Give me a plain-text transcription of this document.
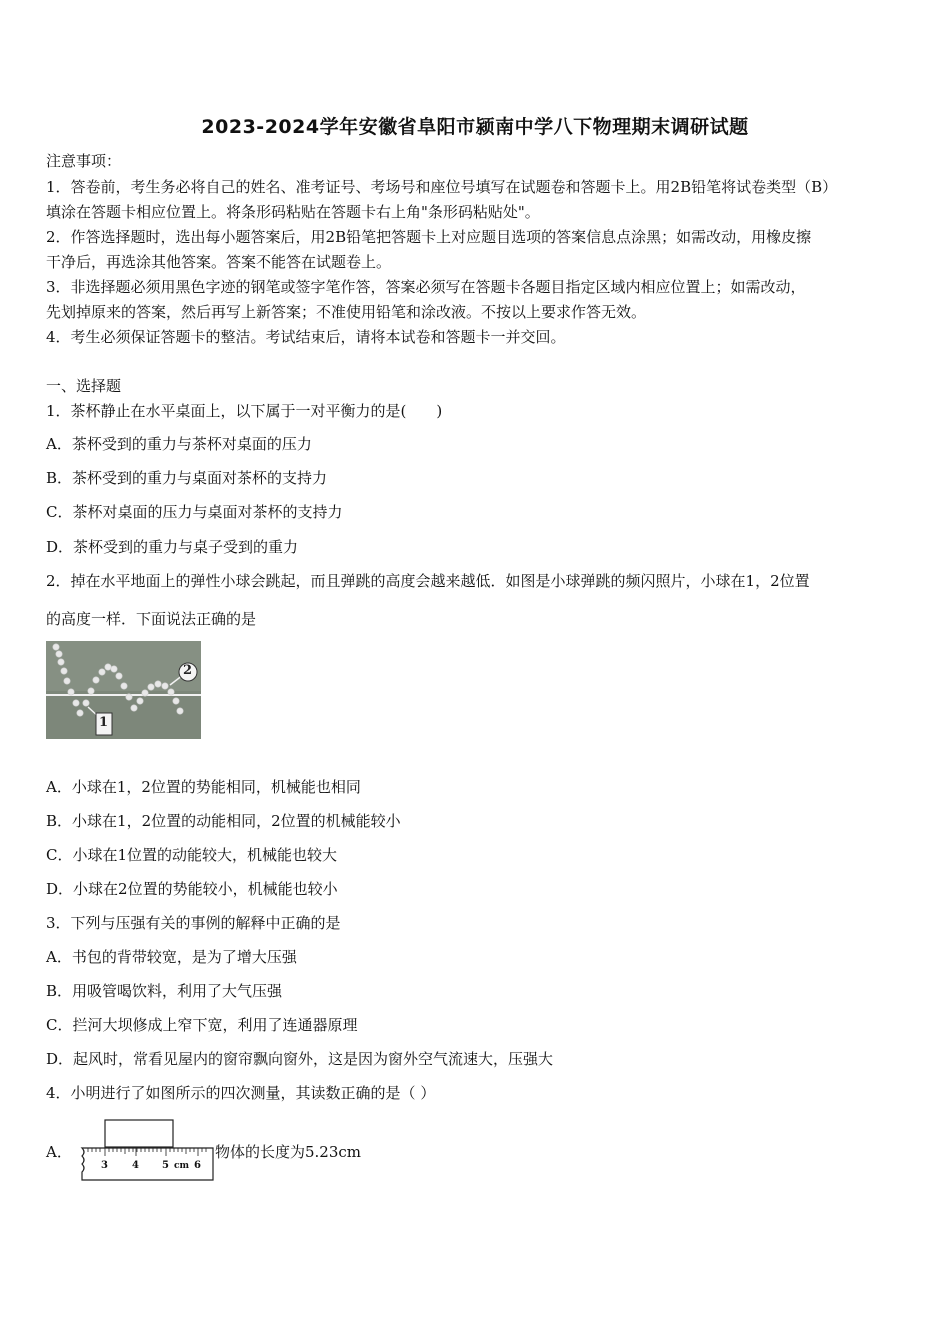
2023-2024学年安徽省阜阳市颍南中学八下物理期末调研试题
注意事项：
1．答卷前，考生务必将自己的姓名、准考证号、考场号和座位号填写在试题卷和答题卡上。用2B铅笔将试卷类型（B）
填涂在答题卡相应位置上。将条形码粘贴在答题卡右上角"条形码粘贴处"。
2．作答选择题时，选出每小题答案后，用2B铅笔把答题卡上对应题目选项的答案信息点涂黑；如需改动，用橡皮擦
干净后，再选涂其他答案。答案不能答在试题卷上。
3．非选择题必须用黑色字迹的钢笔或签字笔作答，答案必须写在答题卡各题目指定区域内相应位置上；如需改动，
先划掉原来的答案，然后再写上新答案；不准使用铅笔和涂改液。不按以上要求作答无效。
4．考生必须保证答题卡的整洁。考试结束后，请将本试卷和答题卡一并交回。
一、选择题
1．茶杯静止在水平桌面上，以下属于一对平衡力的是(　　)
A．茶杯受到的重力与茶杯对桌面的压力
B．茶杯受到的重力与桌面对茶杯的支持力
C．茶杯对桌面的压力与桌面对茶杯的支持力
D．茶杯受到的重力与桌子受到的重力
2．掉在水平地面上的弹性小球会跳起，而且弹跳的高度会越来越低．如图是小球弹跳的频闪照片，小球在1，2位置
的高度一样．下面说法正确的是
1
2
A．小球在1，2位置的势能相同，机械能也相同
B．小球在1，2位置的动能相同，2位置的机械能较小
C．小球在1位置的动能较大，机械能也较大
D．小球在2位置的势能较小，机械能也较小
3．下列与压强有关的事例的解释中正确的是
A．书包的背带较宽，是为了增大压强
B．用吸管喝饮料，利用了大气压强
C．拦河大坝修成上窄下宽，利用了连通器原理
D．起风时，常看见屋内的窗帘飘向窗外，这是因为窗外空气流速大，压强大
4．小明进行了如图所示的四次测量，其读数正确的是（ ）
A．
3 4 5 cm 6
物体的长度为5.23cm
